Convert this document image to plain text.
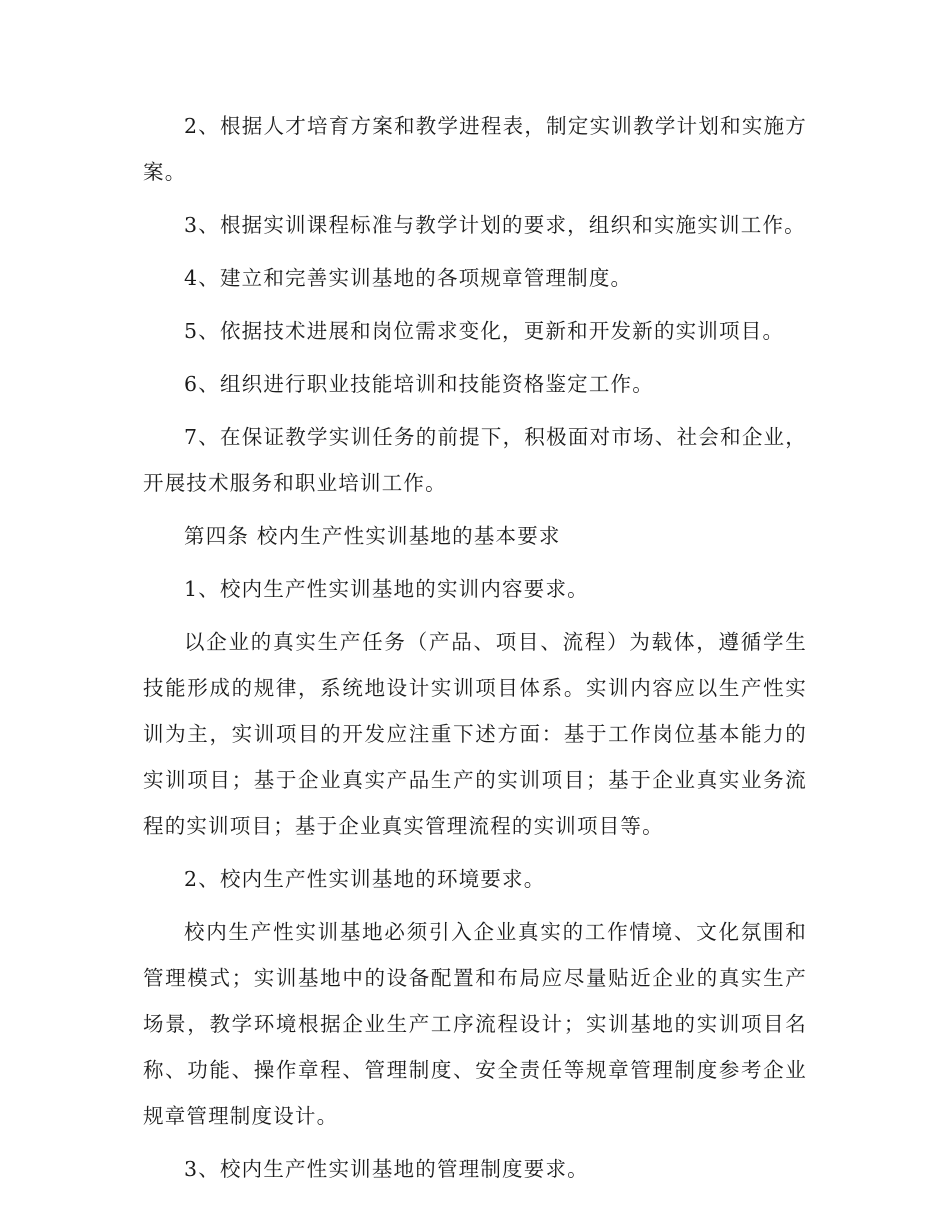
2、根据人才培育方案和教学进程表，制定实训教学计划和实施方案。

3、根据实训课程标准与教学计划的要求，组织和实施实训工作。

4、建立和完善实训基地的各项规章管理制度。

5、依据技术进展和岗位需求变化，更新和开发新的实训项目。

6、组织进行职业技能培训和技能资格鉴定工作。

7、在保证教学实训任务的前提下，积极面对市场、社会和企业，开展技术服务和职业培训工作。

第四条 校内生产性实训基地的基本要求

1、校内生产性实训基地的实训内容要求。

以企业的真实生产任务（产品、项目、流程）为载体，遵循学生技能形成的规律，系统地设计实训项目体系。实训内容应以生产性实训为主，实训项目的开发应注重下述方面：基于工作岗位基本能力的实训项目；基于企业真实产品生产的实训项目；基于企业真实业务流程的实训项目；基于企业真实管理流程的实训项目等。

2、校内生产性实训基地的环境要求。

校内生产性实训基地必须引入企业真实的工作情境、文化氛围和管理模式；实训基地中的设备配置和布局应尽量贴近企业的真实生产场景，教学环境根据企业生产工序流程设计；实训基地的实训项目名称、功能、操作章程、管理制度、安全责任等规章管理制度参考企业规章管理制度设计。

3、校内生产性实训基地的管理制度要求。
